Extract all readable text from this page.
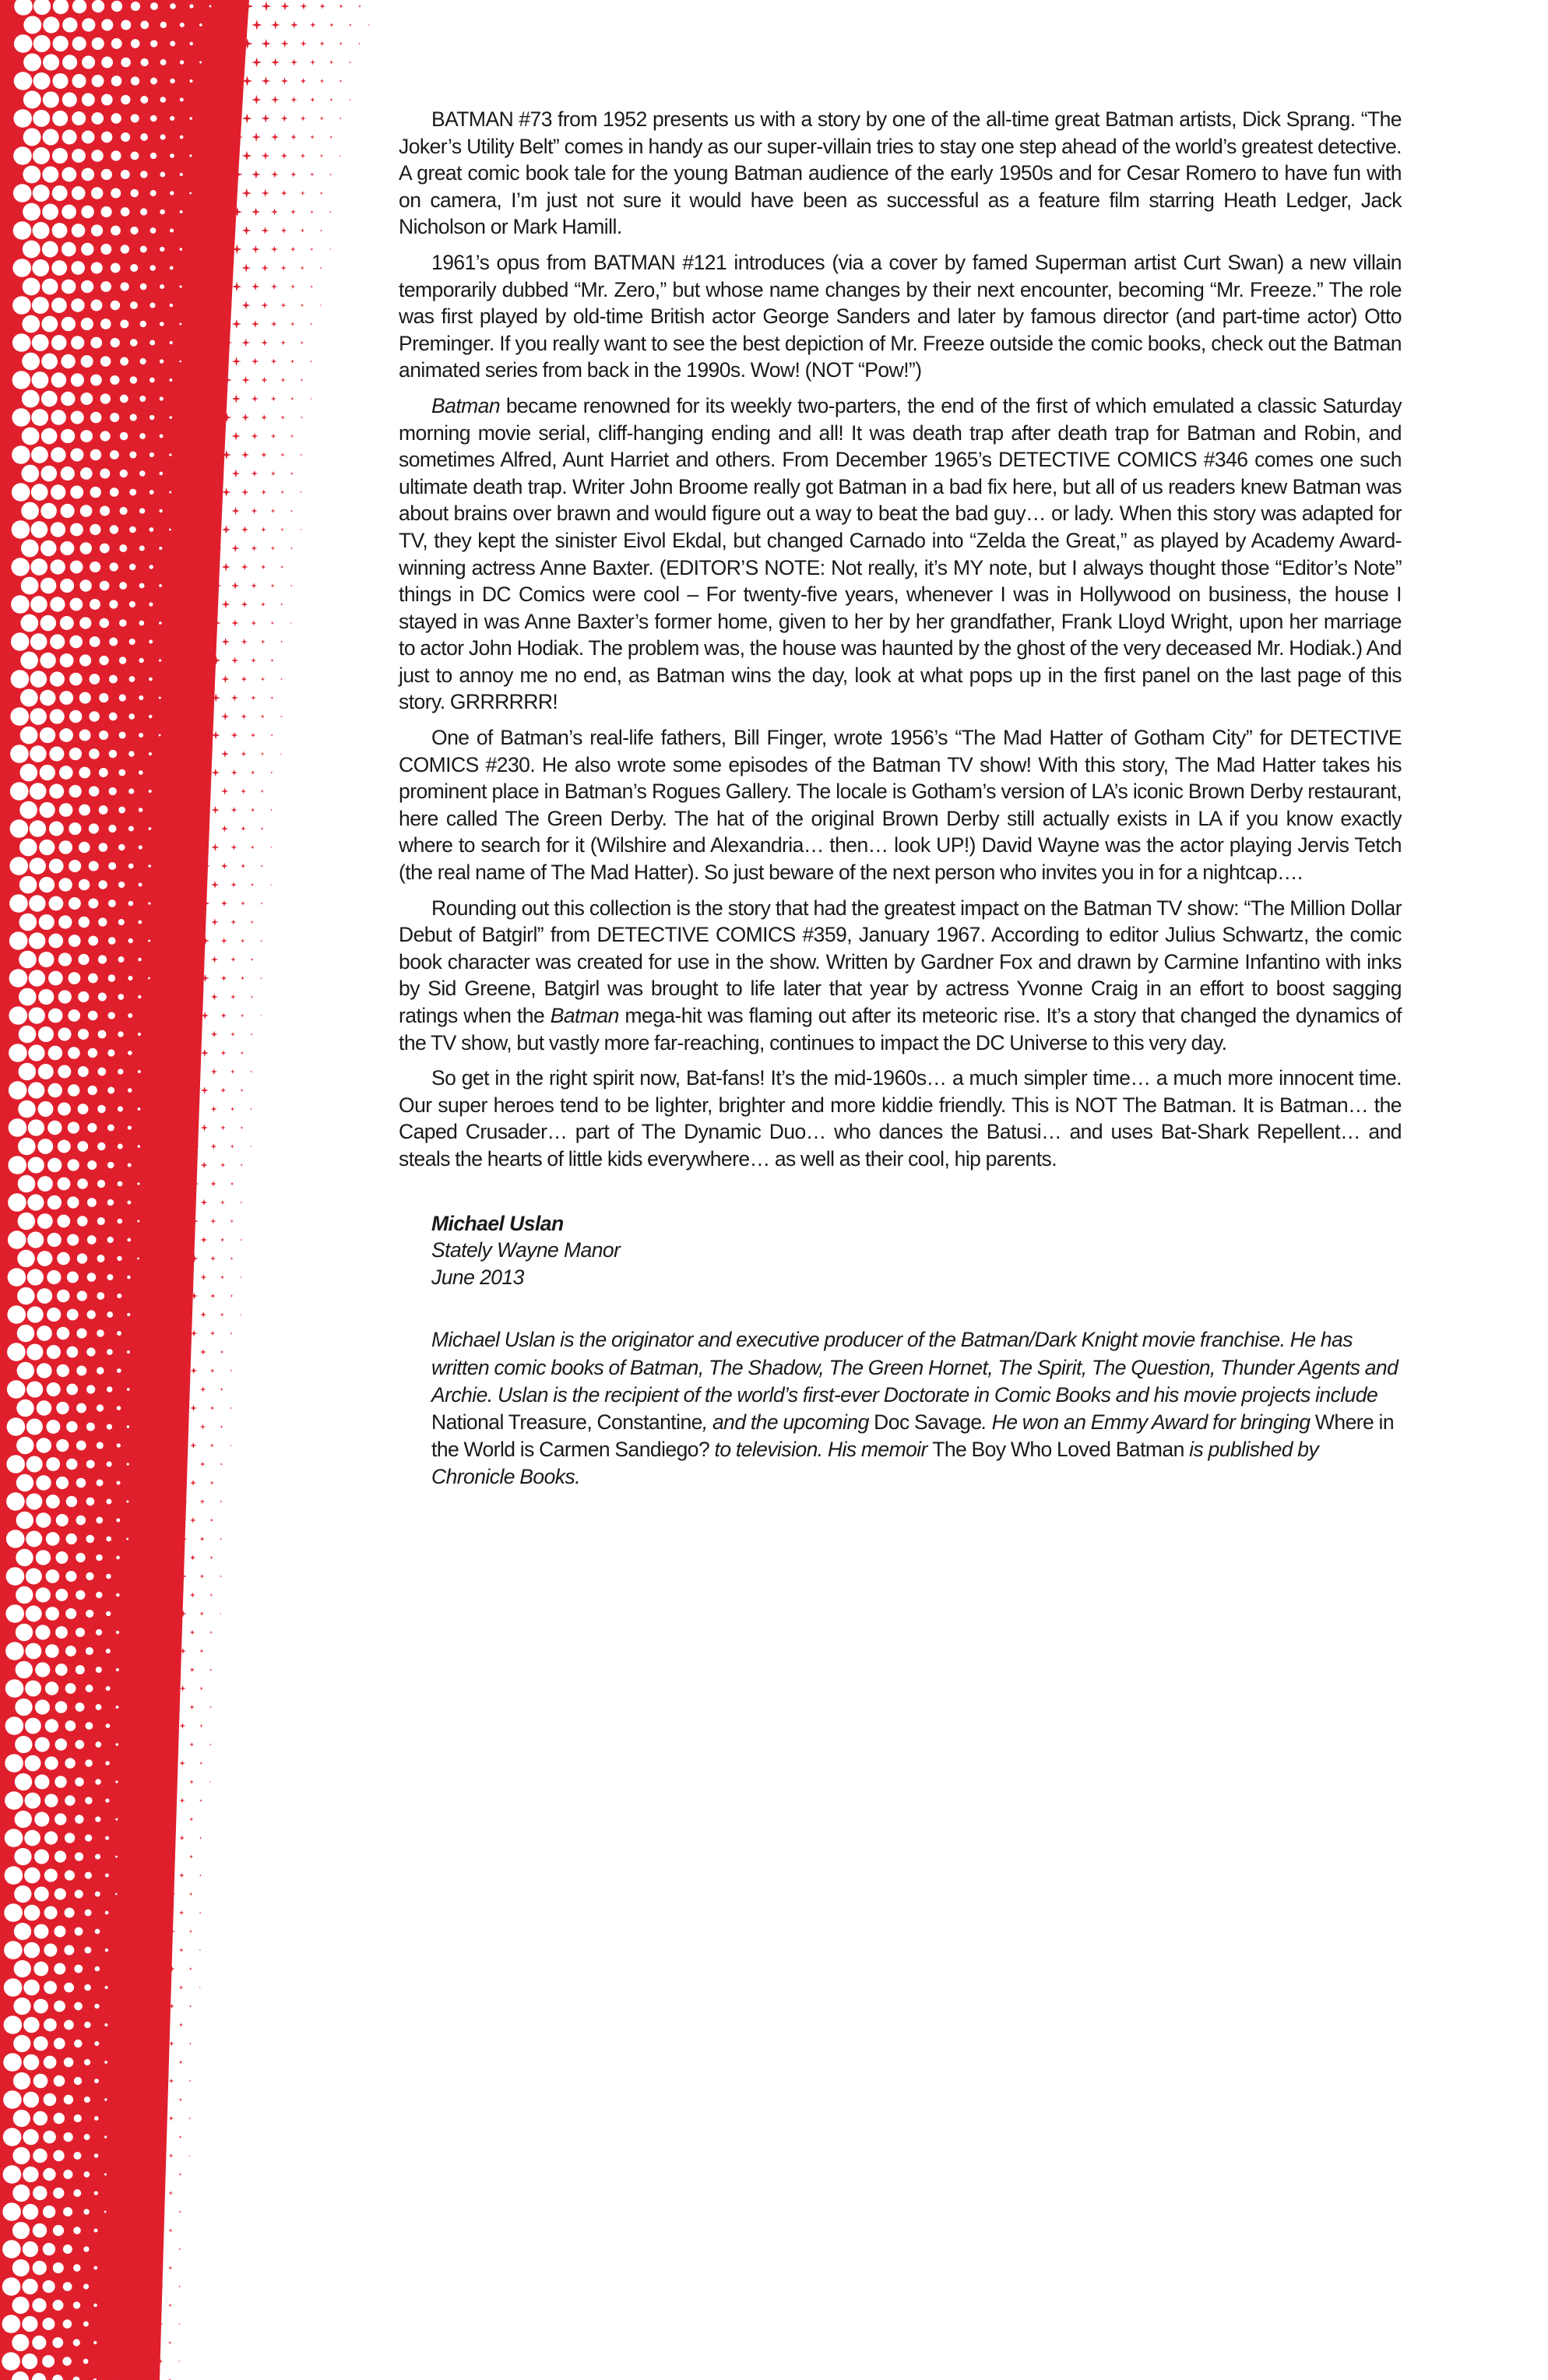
BATMAN #73 from 1952 presents us with a story by one of the all-time great Batman artists, Dick Sprang. “The Joker’s Utility Belt” comes in handy as our super-villain tries to stay one step ahead of the world’s greatest detective. A great comic book tale for the young Batman audience of the early 1950s and for Cesar Romero to have fun with on camera, I’m just not sure it would have been as successful as a feature film starring Heath Ledger, Jack Nicholson or Mark Hamill.

1961’s opus from BATMAN #121 introduces (via a cover by famed Superman artist Curt Swan) a new villain temporarily dubbed “Mr. Zero,” but whose name changes by their next encounter, becoming “Mr. Freeze.” The role was first played by old-time British actor George Sanders and later by famous director (and part-time actor) Otto Preminger. If you really want to see the best depiction of Mr. Freeze outside the comic books, check out the Batman animated series from back in the 1990s. Wow! (NOT “Pow!”)

Batman became renowned for its weekly two-parters, the end of the first of which emulated a classic Saturday morning movie serial, cliff-hanging ending and all! It was death trap after death trap for Batman and Robin, and sometimes Alfred, Aunt Harriet and others. From December 1965’s DETECTIVE COMICS #346 comes one such ultimate death trap. Writer John Broome really got Batman in a bad fix here, but all of us readers knew Batman was about brains over brawn and would figure out a way to beat the bad guy… or lady. When this story was adapted for TV, they kept the sinister Eivol Ekdal, but changed Carnado into “Zelda the Great,” as played by Academy Award-winning actress Anne Baxter. (EDITOR’S NOTE: Not really, it’s MY note, but I always thought those “Editor’s Note” things in DC Comics were cool – For twenty-five years, whenever I was in Hollywood on business, the house I stayed in was Anne Baxter’s former home, given to her by her grandfather, Frank Lloyd Wright, upon her marriage to actor John Hodiak. The problem was, the house was haunted by the ghost of the very deceased Mr. Hodiak.) And just to annoy me no end, as Batman wins the day, look at what pops up in the first panel on the last page of this story. GRRRRRR!

One of Batman’s real-life fathers, Bill Finger, wrote 1956’s “The Mad Hatter of Gotham City” for DETECTIVE COMICS #230. He also wrote some episodes of the Batman TV show! With this story, The Mad Hatter takes his prominent place in Batman’s Rogues Gallery. The locale is Gotham’s version of LA’s iconic Brown Derby restaurant, here called The Green Derby. The hat of the original Brown Derby still actually exists in LA if you know exactly where to search for it (Wilshire and Alexandria… then… look UP!) David Wayne was the actor playing Jervis Tetch (the real name of The Mad Hatter). So just beware of the next person who invites you in for a nightcap….

Rounding out this collection is the story that had the greatest impact on the Batman TV show: “The Million Dollar Debut of Batgirl” from DETECTIVE COMICS #359, January 1967. According to editor Julius Schwartz, the comic book character was created for use in the show. Written by Gardner Fox and drawn by Carmine Infantino with inks by Sid Greene, Batgirl was brought to life later that year by actress Yvonne Craig in an effort to boost sagging ratings when the Batman mega-hit was flaming out after its meteoric rise. It’s a story that changed the dynamics of the TV show, but vastly more far-reaching, continues to impact the DC Universe to this very day.

So get in the right spirit now, Bat-fans! It’s the mid-1960s… a much simpler time… a much more innocent time. Our super heroes tend to be lighter, brighter and more kiddie friendly. This is NOT The Batman. It is Batman… the Caped Crusader… part of The Dynamic Duo… who dances the Batusi… and uses Bat-Shark Repellent… and steals the hearts of little kids everywhere… as well as their cool, hip parents.

Michael Uslan
Stately Wayne Manor
June 2013
Michael Uslan is the originator and executive producer of the Batman/Dark Knight movie franchise. He has written comic books of Batman, The Shadow, The Green Hornet, The Spirit, The Question, Thunder Agents and Archie. Uslan is the recipient of the world’s first-ever Doctorate in Comic Books and his movie projects include National Treasure, Constantine, and the upcoming Doc Savage. He won an Emmy Award for bringing Where in the World is Carmen Sandiego? to television. His memoir The Boy Who Loved Batman is published by Chronicle Books.
